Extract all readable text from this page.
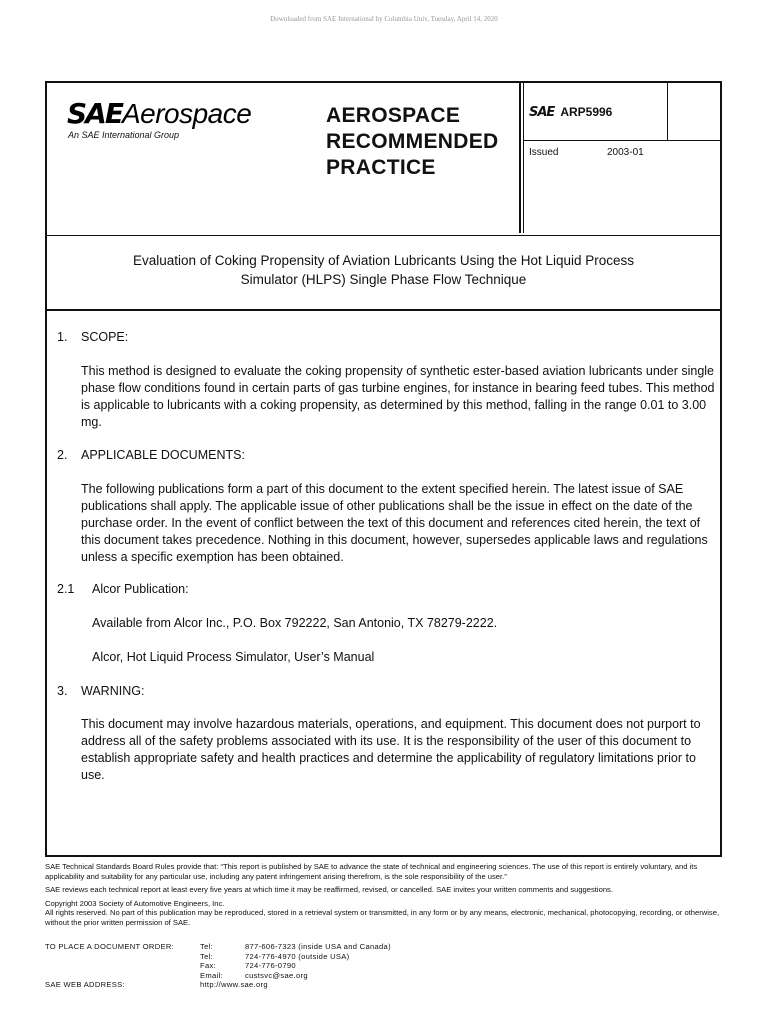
Downloaded from SAE International by Columbia Univ, Tuesday, April 14, 2020
SAEAerospace
An SAE International Group
AEROSPACE
RECOMMENDED
PRACTICE
SAE ARP5996
Issued	2003-01
Evaluation of Coking Propensity of Aviation Lubricants Using the Hot Liquid Process
Simulator (HLPS) Single Phase Flow Technique
1. SCOPE:
This method is designed to evaluate the coking propensity of synthetic ester-based aviation lubricants under single phase flow conditions found in certain parts of gas turbine engines, for instance in bearing feed tubes. This method is applicable to lubricants with a coking propensity, as determined by this method, falling in the range 0.01 to 3.00 mg.
2. APPLICABLE DOCUMENTS:
The following publications form a part of this document to the extent specified herein. The latest issue of SAE publications shall apply. The applicable issue of other publications shall be the issue in effect on the date of the purchase order. In the event of conflict between the text of this document and references cited herein, the text of this document takes precedence. Nothing in this document, however, supersedes applicable laws and regulations unless a specific exemption has been obtained.
2.1 Alcor Publication:
Available from Alcor Inc., P.O. Box 792222, San Antonio, TX 78279-2222.
Alcor, Hot Liquid Process Simulator, User’s Manual
3. WARNING:
This document may involve hazardous materials, operations, and equipment. This document does not purport to address all of the safety problems associated with its use. It is the responsibility of the user of this document to establish appropriate safety and health practices and determine the applicability of regulatory limitations prior to use.

SAE Technical Standards Board Rules provide that: “This report is published by SAE to advance the state of technical and engineering sciences. The use of this report is entirely voluntary, and its applicability and suitability for any particular use, including any patent infringement arising therefrom, is the sole responsibility of the user.”

SAE reviews each technical report at least every five years at which time it may be reaffirmed, revised, or cancelled. SAE invites your written comments and suggestions.

Copyright 2003 Society of Automotive Engineers, Inc.

All rights reserved. No part of this publication may be reproduced, stored in a retrieval system or transmitted, in any form or by any means, electronic, mechanical, photocopying, recording, or otherwise, without the prior written permission of SAE.

TO PLACE A DOCUMENT ORDER:	Tel:	877-606-7323 (inside USA and Canada)
Tel:	724-776-4970 (outside USA)
Fax:	724-776-0790
Email:	custsvc@sae.org
SAE WEB ADDRESS:	http://www.sae.org
